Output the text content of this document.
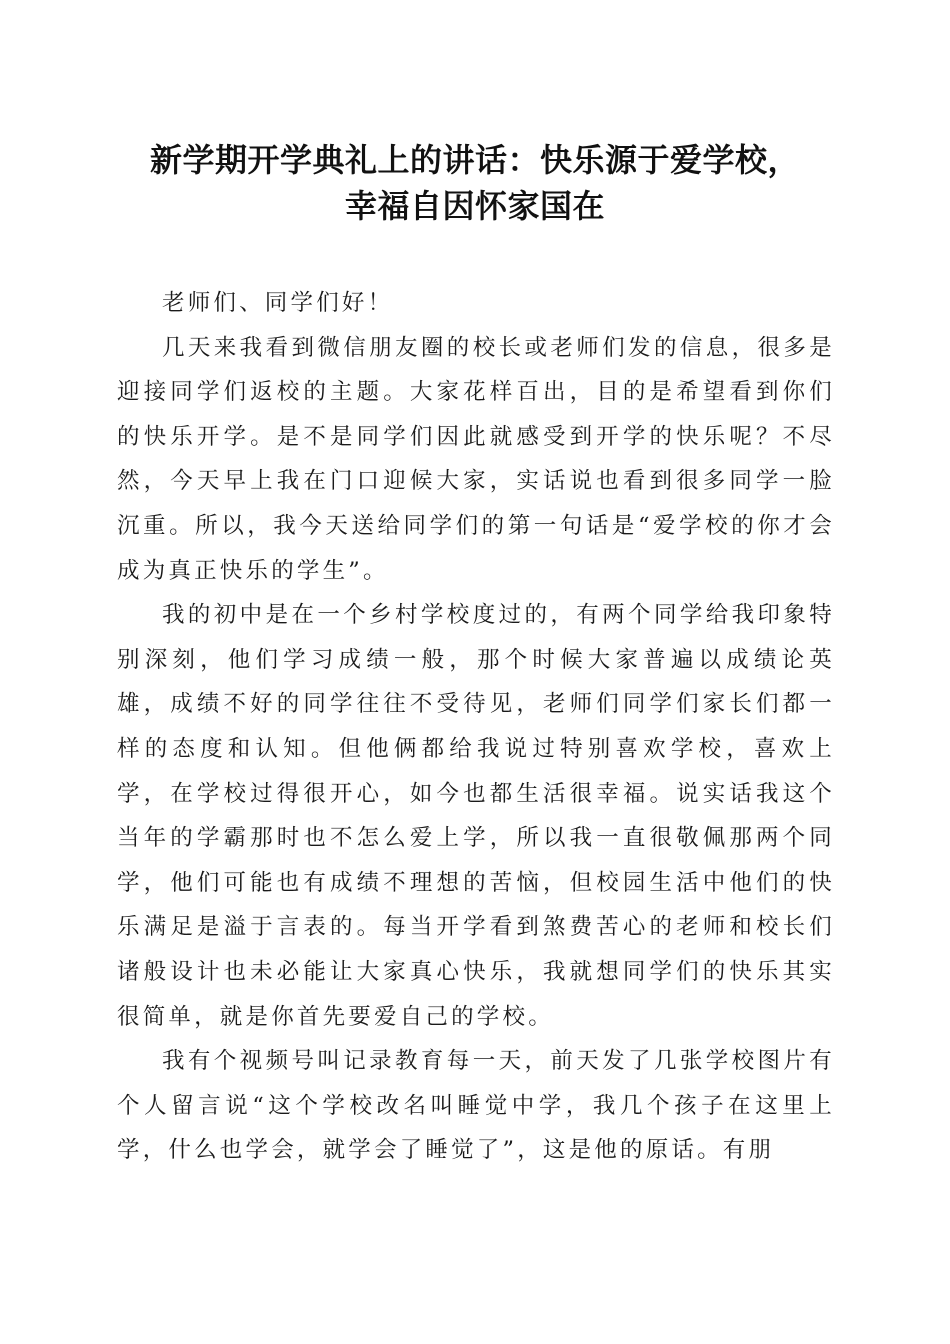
新学期开学典礼上的讲话：快乐源于爱学校，
幸福自因怀家国在

老师们、同学们好！

几天来我看到微信朋友圈的校长或老师们发的信息，很多是迎接同学们返校的主题。大家花样百出，目的是希望看到你们的快乐开学。是不是同学们因此就感受到开学的快乐呢？不尽然，今天早上我在门口迎候大家，实话说也看到很多同学一脸沉重。所以，我今天送给同学们的第一句话是“爱学校的你才会成为真正快乐的学生”。

我的初中是在一个乡村学校度过的，有两个同学给我印象特别深刻，他们学习成绩一般，那个时候大家普遍以成绩论英雄，成绩不好的同学往往不受待见，老师们同学们家长们都一样的态度和认知。但他俩都给我说过特别喜欢学校，喜欢上学，在学校过得很开心，如今也都生活很幸福。说实话我这个当年的学霸那时也不怎么爱上学，所以我一直很敬佩那两个同学，他们可能也有成绩不理想的苦恼，但校园生活中他们的快乐满足是溢于言表的。每当开学看到煞费苦心的老师和校长们诸般设计也未必能让大家真心快乐，我就想同学们的快乐其实很简单，就是你首先要爱自己的学校。

我有个视频号叫记录教育每一天，前天发了几张学校图片有个人留言说“这个学校改名叫睡觉中学，我几个孩子在这里上学，什么也学会，就学会了睡觉了”，这是他的原话。有朋
